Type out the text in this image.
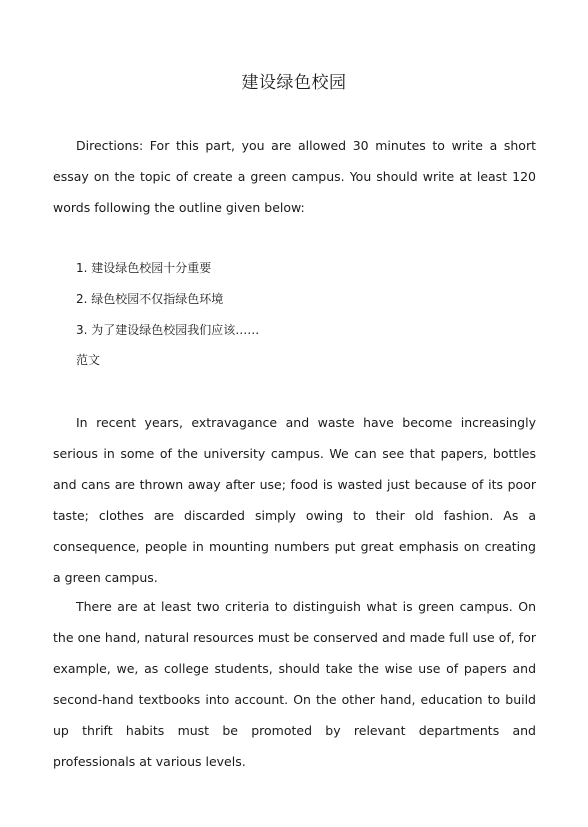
建设绿色校园

Directions: For this part, you are allowed 30 minutes to write a short essay on the topic of create a green campus. You should write at least 120 words following the outline given below:

1. 建设绿色校园十分重要
2. 绿色校园不仅指绿色环境
3. 为了建设绿色校园我们应该……
范文

In recent years, extravagance and waste have become increasingly serious in some of the university campus. We can see that papers, bottles and cans are thrown away after use; food is wasted just because of its poor taste; clothes are discarded simply owing to their old fashion. As a consequence, people in mounting numbers put great emphasis on creating a green campus.

There are at least two criteria to distinguish what is green campus. On the one hand, natural resources must be conserved and made full use of, for example, we, as college students, should take the wise use of papers and second-hand textbooks into account. On the other hand, education to build up thrift habits must be promoted by relevant departments and professionals at various levels.
